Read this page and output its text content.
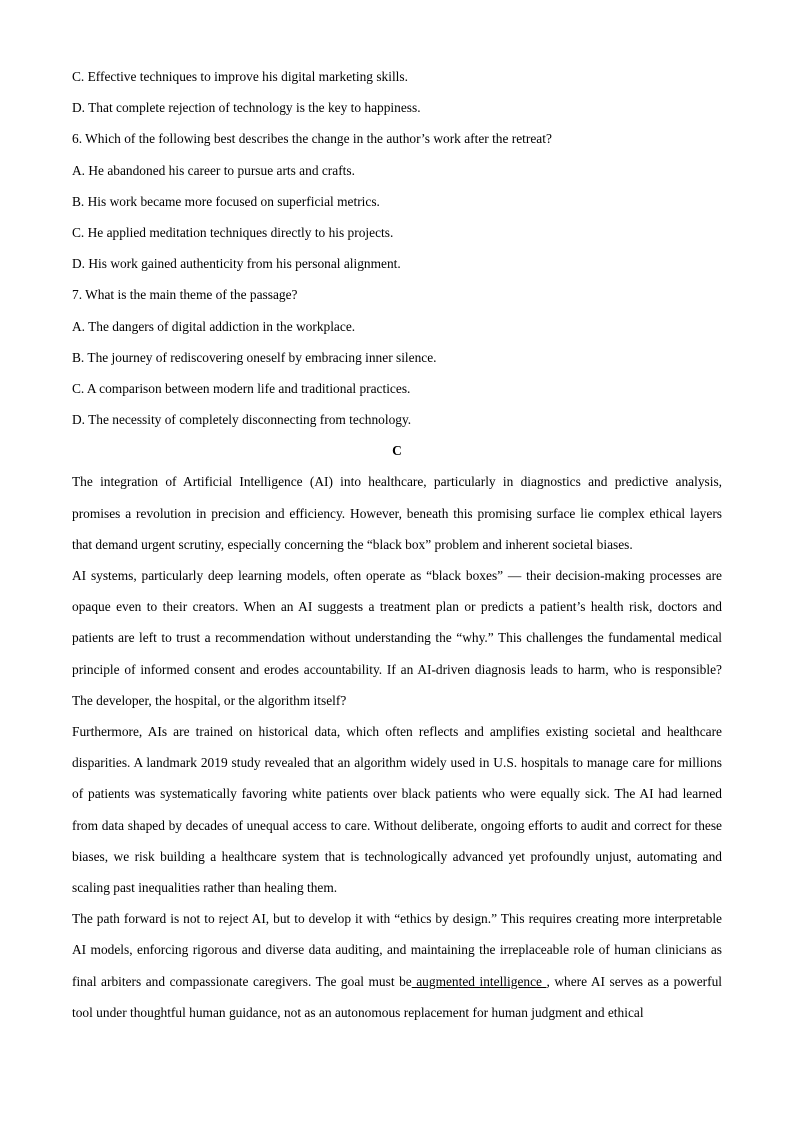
C. Effective techniques to improve his digital marketing skills.
D. That complete rejection of technology is the key to happiness.
6. Which of the following best describes the change in the author’s work after the retreat?
A. He abandoned his career to pursue arts and crafts.
B. His work became more focused on superficial metrics.
C. He applied meditation techniques directly to his projects.
D. His work gained authenticity from his personal alignment.
7. What is the main theme of the passage?
A. The dangers of digital addiction in the workplace.
B. The journey of rediscovering oneself by embracing inner silence.
C. A comparison between modern life and traditional practices.
D. The necessity of completely disconnecting from technology.
C
The integration of Artificial Intelligence (AI) into healthcare, particularly in diagnostics and predictive analysis, promises a revolution in precision and efficiency. However, beneath this promising surface lie complex ethical layers that demand urgent scrutiny, especially concerning the “black box” problem and inherent societal biases.
AI systems, particularly deep learning models, often operate as “black boxes” — their decision-making processes are opaque even to their creators. When an AI suggests a treatment plan or predicts a patient’s health risk, doctors and patients are left to trust a recommendation without understanding the “why.” This challenges the fundamental medical principle of informed consent and erodes accountability. If an AI-driven diagnosis leads to harm, who is responsible? The developer, the hospital, or the algorithm itself?
Furthermore, AIs are trained on historical data, which often reflects and amplifies existing societal and healthcare disparities. A landmark 2019 study revealed that an algorithm widely used in U.S. hospitals to manage care for millions of patients was systematically favoring white patients over black patients who were equally sick. The AI had learned from data shaped by decades of unequal access to care. Without deliberate, ongoing efforts to audit and correct for these biases, we risk building a healthcare system that is technologically advanced yet profoundly unjust, automating and scaling past inequalities rather than healing them.
The path forward is not to reject AI, but to develop it with “ethics by design.” This requires creating more interpretable AI models, enforcing rigorous and diverse data auditing, and maintaining the irreplaceable role of human clinicians as final arbiters and compassionate caregivers. The goal must be augmented intelligence , where AI serves as a powerful tool under thoughtful human guidance, not as an autonomous replacement for human judgment and ethical
